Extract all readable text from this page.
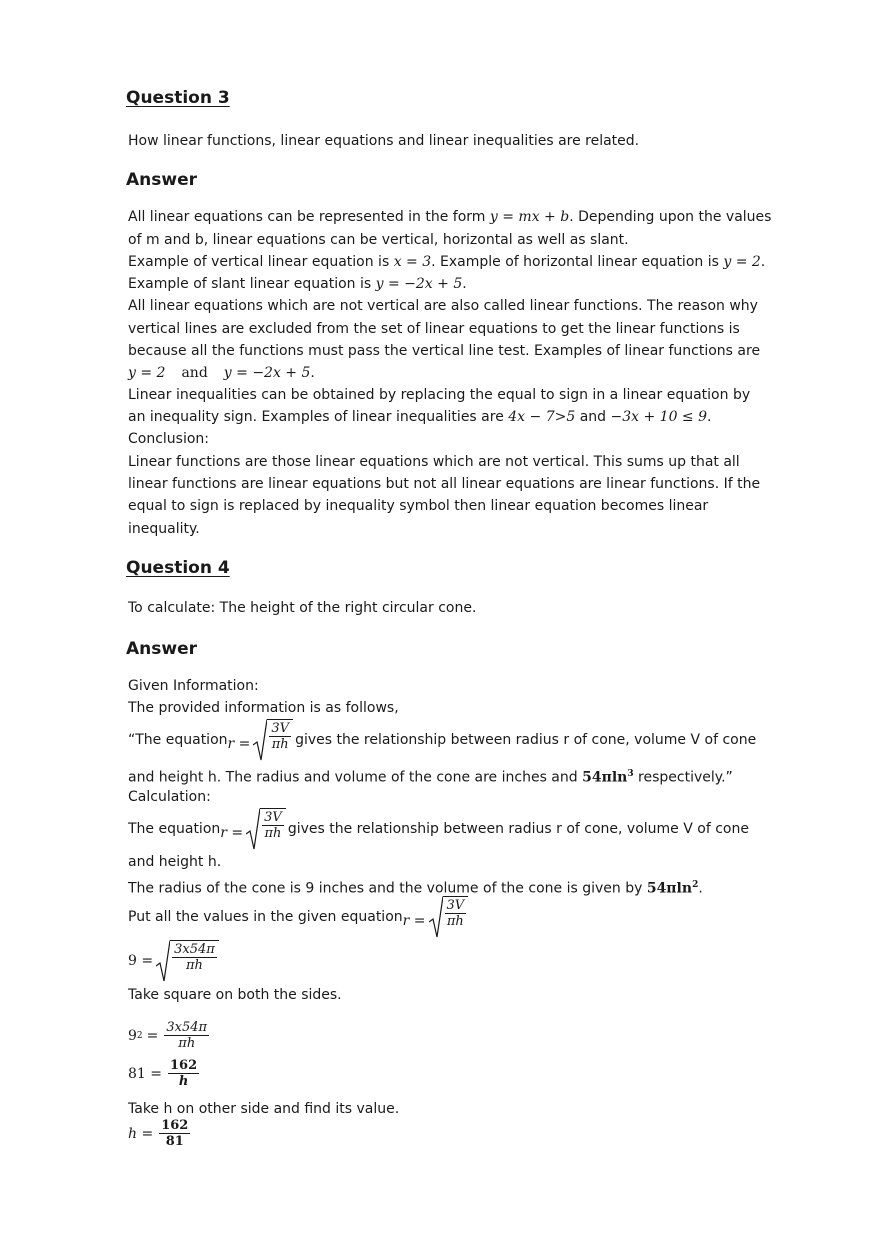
Question 3
How linear functions, linear equations and linear inequalities are related.
Answer
All linear equations can be represented in the form y = mx + b. Depending upon the values
of m and b, linear equations can be vertical, horizontal as well as slant.
Example of vertical linear equation is x = 3. Example of horizontal linear equation is y = 2.
Example of slant linear equation is y = −2x + 5.
All linear equations which are not vertical are also called linear functions. The reason why
vertical lines are excluded from the set of linear equations to get the linear functions is
because all the functions must pass the vertical line test. Examples of linear functions are
y = 2 and y = −2x + 5.
Linear inequalities can be obtained by replacing the equal to sign in a linear equation by
an inequality sign. Examples of linear inequalities are 4x − 7>5 and −3x + 10 ≤ 9.
Conclusion:
Linear functions are those linear equations which are not vertical. This sums up that all
linear functions are linear equations but not all linear equations are linear functions. If the
equal to sign is replaced by inequality symbol then linear equation becomes linear
inequality.
Question 4
To calculate: The height of the right circular cone.
Answer
Given Information:
The provided information is as follows,
“The equation $r = \frac{3V}{\pi h}$ gives the relationship between radius r of cone, volume V of cone
and height h. The radius and volume of the cone are inches and 54πln$^3$ respectively.”
Calculation:
The equation $r = \frac{3V}{\pi h}$ gives the relationship between radius r of cone, volume V of cone
and height h.
The radius of the cone is 9 inches and the volume of the cone is given by 54πln$^2$.
Put all the values in the given equation $r = \frac{3V}{\pi h}$
$9 = \frac{3x54\pi}{\pi h}$
Take square on both the sides.
9 $2 = \frac{3x54\pi}{\pi h}$
$81 = \frac{162}{h}$
Take h on other side and find its value.
$h = \frac{162}{81}$
